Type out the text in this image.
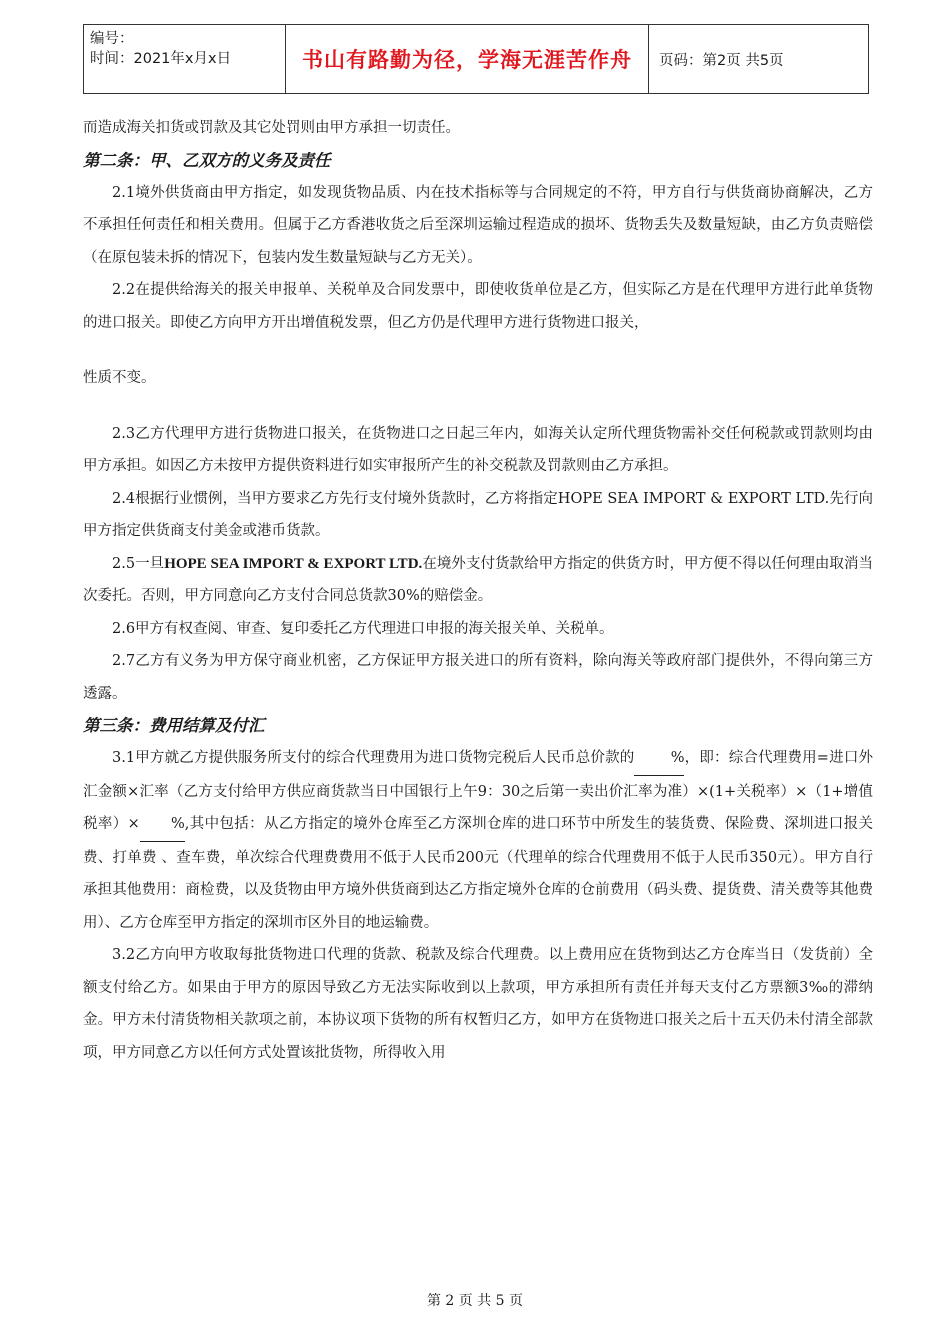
编号：
时间：2021年x月x日	书山有路勤为径，学海无涯苦作舟	页码：第2页 共5页

而造成海关扣货或罚款及其它处罚则由甲方承担一切责任。

第二条：甲、乙双方的义务及责任

2.1境外供货商由甲方指定，如发现货物品质、内在技术指标等与合同规定的不符，甲方自行与供货商协商解决，乙方不承担任何责任和相关费用。但属于乙方香港收货之后至深圳运输过程造成的损坏、货物丢失及数量短缺，由乙方负责赔偿（在原包装未拆的情况下，包装内发生数量短缺与乙方无关）。

2.2在提供给海关的报关申报单、关税单及合同发票中，即使收货单位是乙方，但实际乙方是在代理甲方进行此单货物的进口报关。即使乙方向甲方开出增值税发票，但乙方仍是代理甲方进行货物进口报关，

性质不变。

2.3乙方代理甲方进行货物进口报关，在货物进口之日起三年内，如海关认定所代理货物需补交任何税款或罚款则均由甲方承担。如因乙方未按甲方提供资料进行如实审报所产生的补交税款及罚款则由乙方承担。

2.4根据行业惯例，当甲方要求乙方先行支付境外货款时，乙方将指定HOPE SEA IMPORT & EXPORT LTD.先行向甲方指定供货商支付美金或港币货款。

2.5一旦HOPE SEA IMPORT & EXPORT LTD.在境外支付货款给甲方指定的供货方时，甲方便不得以任何理由取消当次委托。否则，甲方同意向乙方支付合同总货款30%的赔偿金。

2.6甲方有权查阅、审查、复印委托乙方代理进口申报的海关报关单、关税单。

2.7乙方有义务为甲方保守商业机密，乙方保证甲方报关进口的所有资料，除向海关等政府部门提供外，不得向第三方透露。

第三条：费用结算及付汇

3.1甲方就乙方提供服务所支付的综合代理费用为进口货物完税后人民币总价款的 %，即：综合代理费用=进口外汇金额×汇率（乙方支付给甲方供应商货款当日中国银行上午9：30之后第一卖出价汇率为准）×(1+关税率）×（1+增值税率）× %,其中包括：从乙方指定的境外仓库至乙方深圳仓库的进口环节中所发生的装货费、保险费、深圳进口报关费、打单费 、查车费，单次综合代理费费用不低于人民币200元（代理单的综合代理费用不低于人民币350元）。甲方自行承担其他费用：商检费，以及货物由甲方境外供货商到达乙方指定境外仓库的仓前费用（码头费、提货费、清关费等其他费用）、乙方仓库至甲方指定的深圳市区外目的地运输费。

3.2乙方向甲方收取每批货物进口代理的货款、税款及综合代理费。以上费用应在货物到达乙方仓库当日（发货前）全额支付给乙方。如果由于甲方的原因导致乙方无法实际收到以上款项，甲方承担所有责任并每天支付乙方票额3‰的滞纳金。甲方未付清货物相关款项之前，本协议项下货物的所有权暂归乙方，如甲方在货物进口报关之后十五天仍未付清全部款项，甲方同意乙方以任何方式处置该批货物，所得收入用

第 2 页 共 5 页
